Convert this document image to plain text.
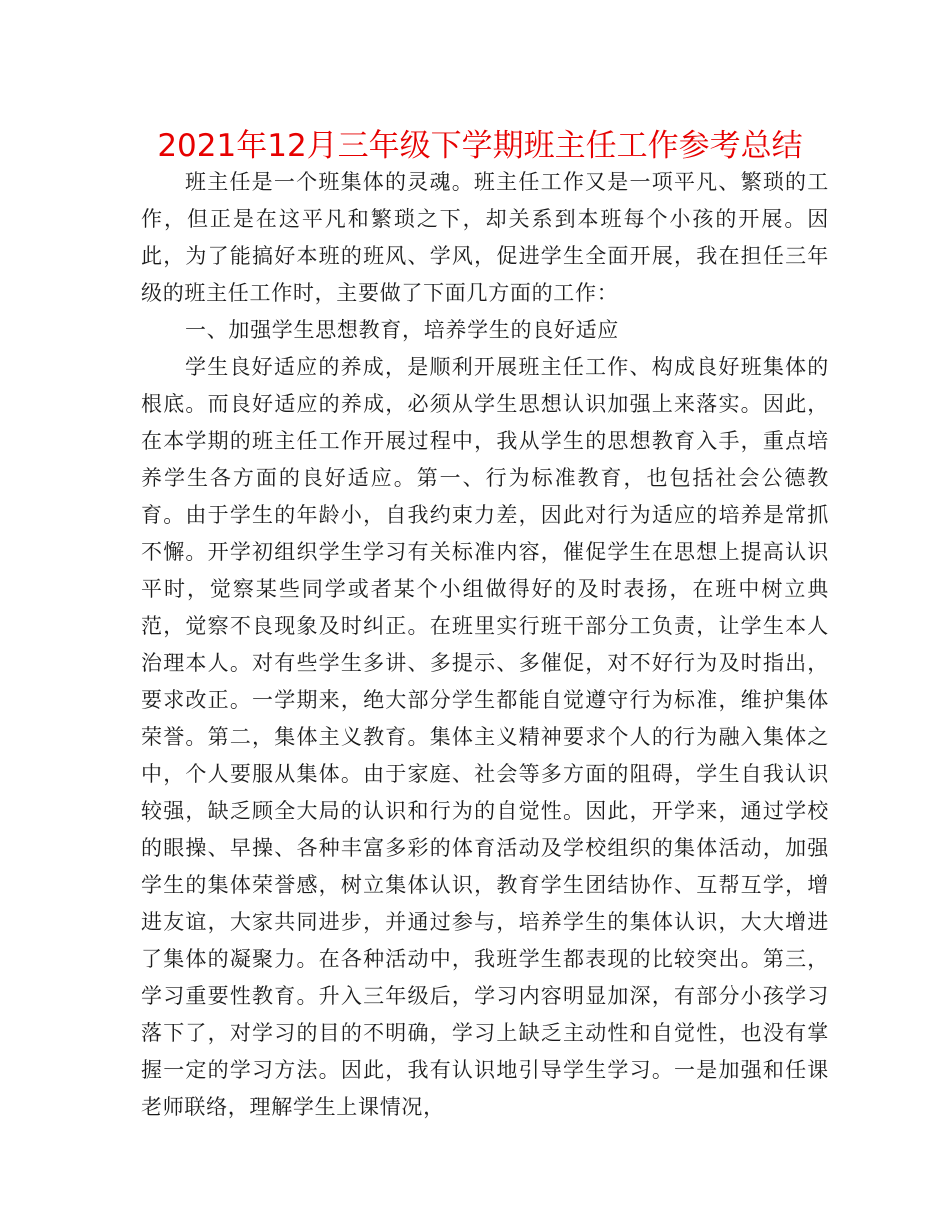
2021年12月三年级下学期班主任工作参考总结

班主任是一个班集体的灵魂。班主任工作又是一项平凡、繁琐的工作，但正是在这平凡和繁琐之下，却关系到本班每个小孩的开展。因此，为了能搞好本班的班风、学风，促进学生全面开展，我在担任三年级的班主任工作时，主要做了下面几方面的工作：

一、加强学生思想教育，培养学生的良好适应

学生良好适应的养成，是顺利开展班主任工作、构成良好班集体的根底。而良好适应的养成，必须从学生思想认识加强上来落实。因此，在本学期的班主任工作开展过程中，我从学生的思想教育入手，重点培养学生各方面的良好适应。第一、行为标准教育，也包括社会公德教育。由于学生的年龄小，自我约束力差，因此对行为适应的培养是常抓不懈。开学初组织学生学习有关标准内容，催促学生在思想上提高认识平时，觉察某些同学或者某个小组做得好的及时表扬，在班中树立典范，觉察不良现象及时纠正。在班里实行班干部分工负责，让学生本人治理本人。对有些学生多讲、多提示、多催促，对不好行为及时指出，要求改正。一学期来，绝大部分学生都能自觉遵守行为标准，维护集体荣誉。第二，集体主义教育。集体主义精神要求个人的行为融入集体之中，个人要服从集体。由于家庭、社会等多方面的阻碍，学生自我认识较强，缺乏顾全大局的认识和行为的自觉性。因此，开学来，通过学校的眼操、早操、各种丰富多彩的体育活动及学校组织的集体活动，加强学生的集体荣誉感，树立集体认识，教育学生团结协作、互帮互学，增进友谊，大家共同进步，并通过参与，培养学生的集体认识，大大增进了集体的凝聚力。在各种活动中，我班学生都表现的比较突出。第三，学习重要性教育。升入三年级后，学习内容明显加深，有部分小孩学习落下了，对学习的目的不明确，学习上缺乏主动性和自觉性，也没有掌握一定的学习方法。因此，我有认识地引导学生学习。一是加强和任课老师联络，理解学生上课情况，
